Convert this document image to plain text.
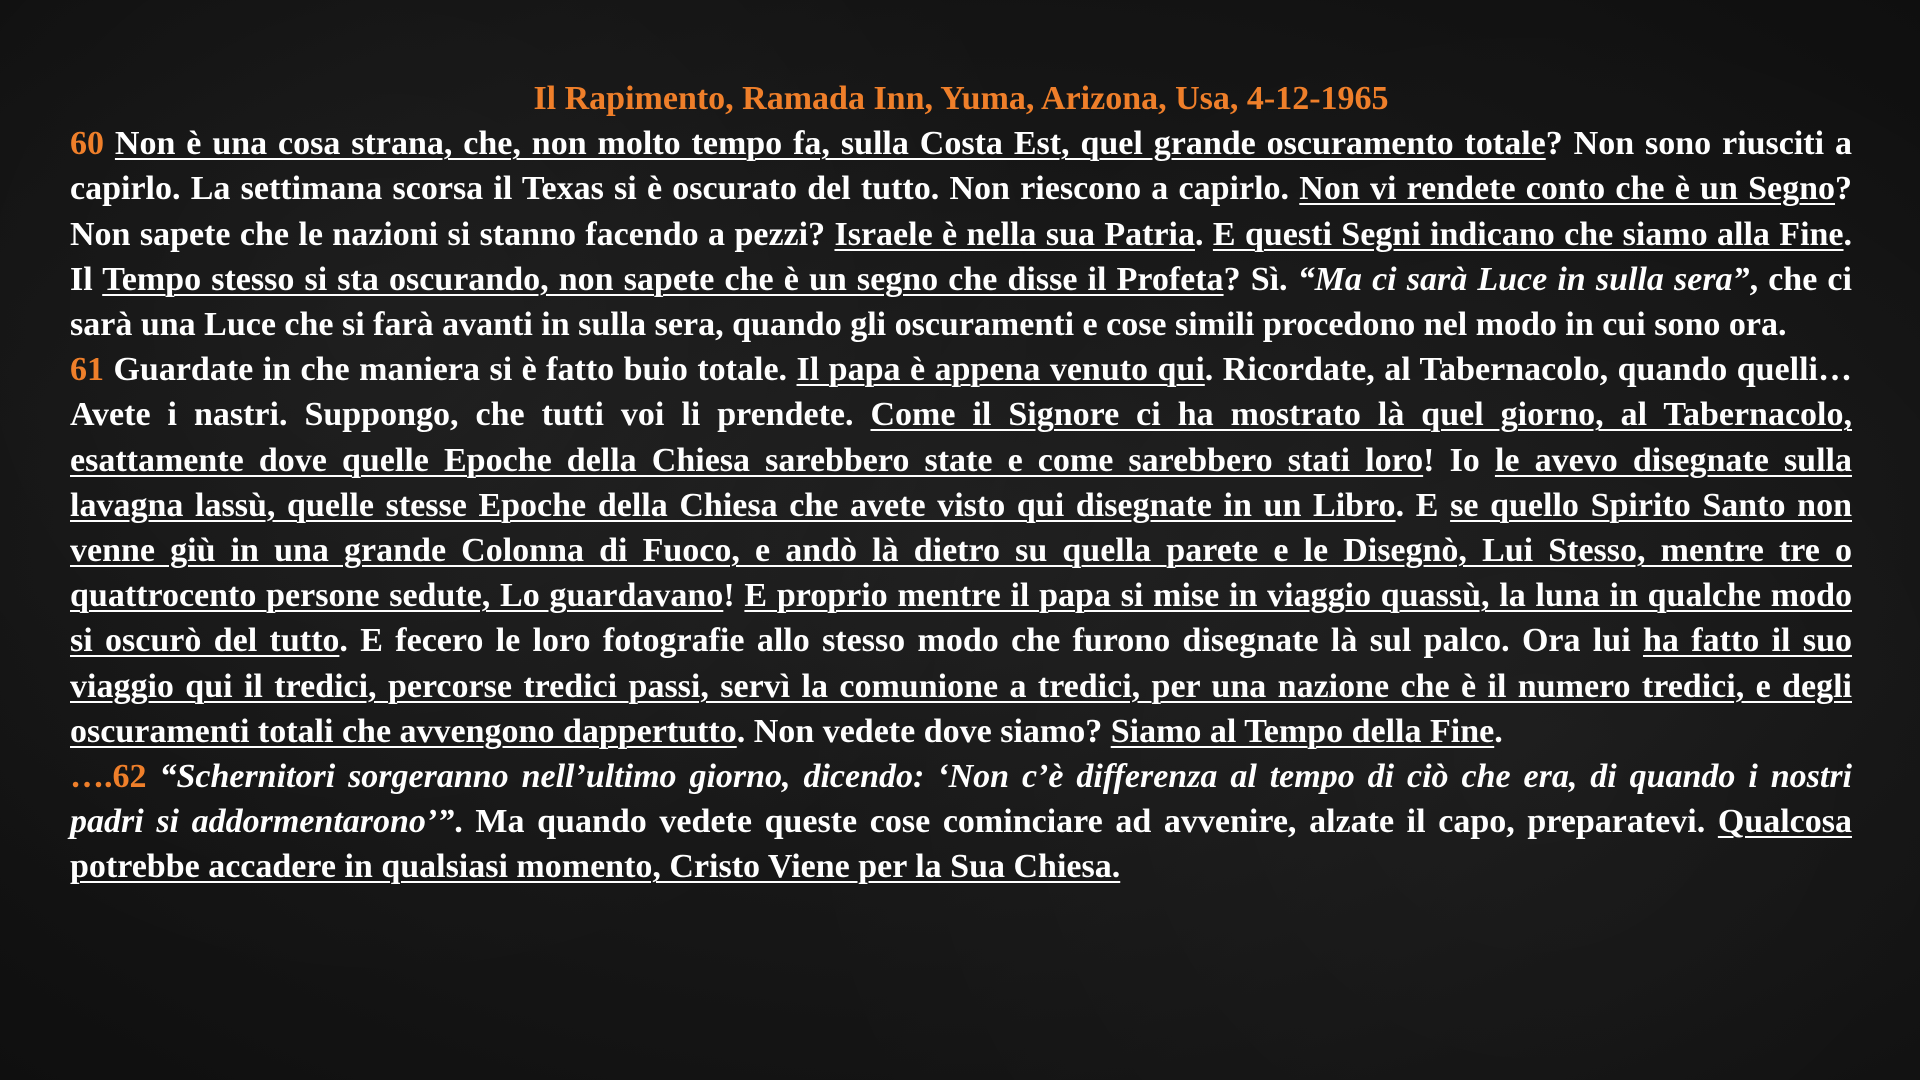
Il Rapimento, Ramada Inn, Yuma, Arizona, Usa, 4-12-1965

60 Non è una cosa strana, che, non molto tempo fa, sulla Costa Est, quel grande oscuramento totale? Non sono riusciti a capirlo. La settimana scorsa il Texas si è oscurato del tutto. Non riescono a capirlo. Non vi rendete conto che è un Segno? Non sapete che le nazioni si stanno facendo a pezzi? Israele è nella sua Patria. E questi Segni indicano che siamo alla Fine. Il Tempo stesso si sta oscurando, non sapete che è un segno che disse il Profeta? Sì. “Ma ci sarà Luce in sulla sera”, che ci sarà una Luce che si farà avanti in sulla sera, quando gli oscuramenti e cose simili procedono nel modo in cui sono ora.

61 Guardate in che maniera si è fatto buio totale. Il papa è appena venuto qui. Ricordate, al Tabernacolo, quando quelli… Avete i nastri. Suppongo, che tutti voi li prendete. Come il Signore ci ha mostrato là quel giorno, al Tabernacolo, esattamente dove quelle Epoche della Chiesa sarebbero state e come sarebbero stati loro! Io le avevo disegnate sulla lavagna lassù, quelle stesse Epoche della Chiesa che avete visto qui disegnate in un Libro. E se quello Spirito Santo non venne giù in una grande Colonna di Fuoco, e andò là dietro su quella parete e le Disegnò, Lui Stesso, mentre tre o quattrocento persone sedute, Lo guardavano! E proprio mentre il papa si mise in viaggio quassù, la luna in qualche modo si oscurò del tutto. E fecero le loro fotografie allo stesso modo che furono disegnate là sul palco. Ora lui ha fatto il suo viaggio qui il tredici, percorse tredici passi, servì la comunione a tredici, per una nazione che è il numero tredici, e degli oscuramenti totali che avvengono dappertutto. Non vedete dove siamo? Siamo al Tempo della Fine.

….62 “Schernitori sorgeranno nell’ultimo giorno, dicendo: ‘Non c’è differenza al tempo di ciò che era, di quando i nostri padri si addormentarono’”. Ma quando vedete queste cose cominciare ad avvenire, alzate il capo, preparatevi. Qualcosa potrebbe accadere in qualsiasi momento, Cristo Viene per la Sua Chiesa.
